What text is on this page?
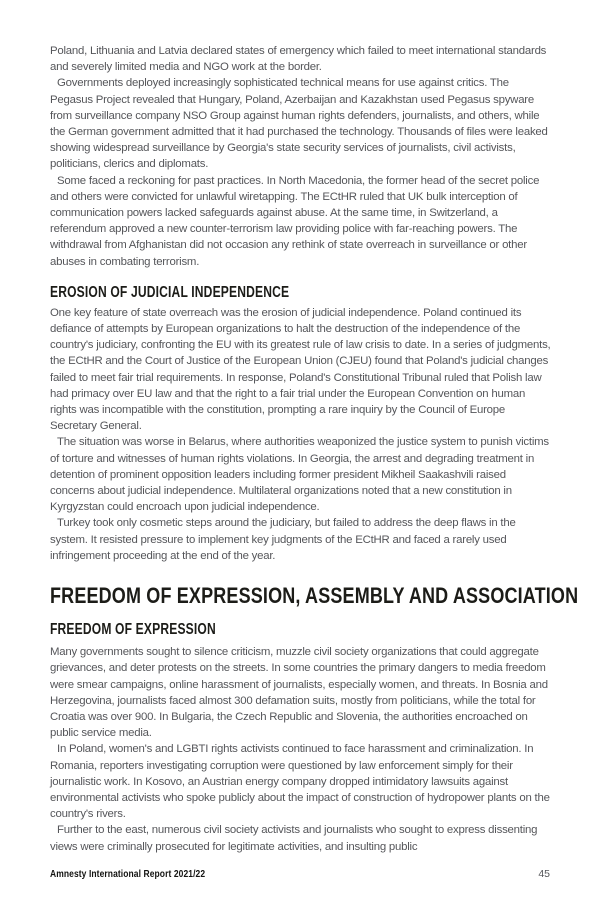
Poland, Lithuania and Latvia declared states of emergency which failed to meet international standards and severely limited media and NGO work at the border.

Governments deployed increasingly sophisticated technical means for use against critics. The Pegasus Project revealed that Hungary, Poland, Azerbaijan and Kazakhstan used Pegasus spyware from surveillance company NSO Group against human rights defenders, journalists, and others, while the German government admitted that it had purchased the technology. Thousands of files were leaked showing widespread surveillance by Georgia's state security services of journalists, civil activists, politicians, clerics and diplomats.

Some faced a reckoning for past practices. In North Macedonia, the former head of the secret police and others were convicted for unlawful wiretapping. The ECtHR ruled that UK bulk interception of communication powers lacked safeguards against abuse. At the same time, in Switzerland, a referendum approved a new counter-terrorism law providing police with far-reaching powers. The withdrawal from Afghanistan did not occasion any rethink of state overreach in surveillance or other abuses in combating terrorism.

EROSION OF JUDICIAL INDEPENDENCE

One key feature of state overreach was the erosion of judicial independence. Poland continued its defiance of attempts by European organizations to halt the destruction of the independence of the country's judiciary, confronting the EU with its greatest rule of law crisis to date. In a series of judgments, the ECtHR and the Court of Justice of the European Union (CJEU) found that Poland's judicial changes failed to meet fair trial requirements. In response, Poland's Constitutional Tribunal ruled that Polish law had primacy over EU law and that the right to a fair trial under the European Convention on human rights was incompatible with the constitution, prompting a rare inquiry by the Council of Europe Secretary General.

The situation was worse in Belarus, where authorities weaponized the justice system to punish victims of torture and witnesses of human rights violations. In Georgia, the arrest and degrading treatment in detention of prominent opposition leaders including former president Mikheil Saakashvili raised concerns about judicial independence. Multilateral organizations noted that a new constitution in Kyrgyzstan could encroach upon judicial independence.

Turkey took only cosmetic steps around the judiciary, but failed to address the deep flaws in the system. It resisted pressure to implement key judgments of the ECtHR and faced a rarely used infringement proceeding at the end of the year.

FREEDOM OF EXPRESSION, ASSEMBLY AND ASSOCIATION
FREEDOM OF EXPRESSION

Many governments sought to silence criticism, muzzle civil society organizations that could aggregate grievances, and deter protests on the streets. In some countries the primary dangers to media freedom were smear campaigns, online harassment of journalists, especially women, and threats. In Bosnia and Herzegovina, journalists faced almost 300 defamation suits, mostly from politicians, while the total for Croatia was over 900. In Bulgaria, the Czech Republic and Slovenia, the authorities encroached on public service media.

In Poland, women's and LGBTI rights activists continued to face harassment and criminalization. In Romania, reporters investigating corruption were questioned by law enforcement simply for their journalistic work. In Kosovo, an Austrian energy company dropped intimidatory lawsuits against environmental activists who spoke publicly about the impact of construction of hydropower plants on the country's rivers.

Further to the east, numerous civil society activists and journalists who sought to express dissenting views were criminally prosecuted for legitimate activities, and insulting public

Amnesty International Report 2021/22	45
